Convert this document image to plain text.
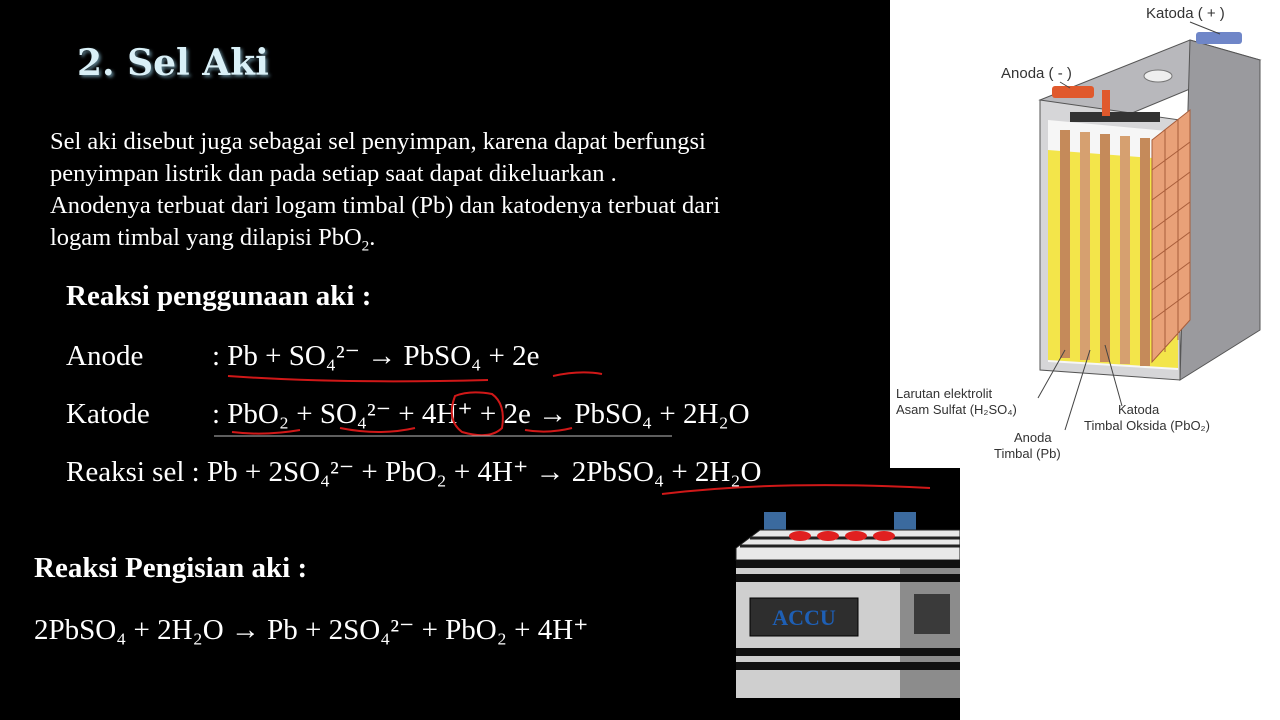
2. Sel Aki
Sel aki disebut juga sebagai sel penyimpan, karena dapat berfungsi
penyimpan listrik dan pada setiap saat dapat dikeluarkan .
Anodenya terbuat dari logam timbal (Pb) dan katodenya terbuat dari
logam timbal yang dilapisi PbO$_2$.
Reaksi penggunaan aki :
Anode : Pb + SO₄²⁻ → PbSO₄ + 2e
Katode : PbO₂ + SO₄²⁻ + 4H⁺ + 2e → PbSO₄ + 2H₂O
Reaksi sel : Pb + 2SO₄²⁻ + PbO₂ + 4H⁺ → 2PbSO₄ + 2H₂O
Reaksi Pengisian aki :
2PbSO₄ + 2H₂O → Pb + 2SO₄²⁻ + PbO₂ + 4H⁺
Katoda ( + )
Anoda ( - )
Larutan elektrolit
Asam Sulfat (H₂SO₄)
Anoda
Timbal (Pb)
Katoda
Timbal Oksida (PbO₂)
ACCU
